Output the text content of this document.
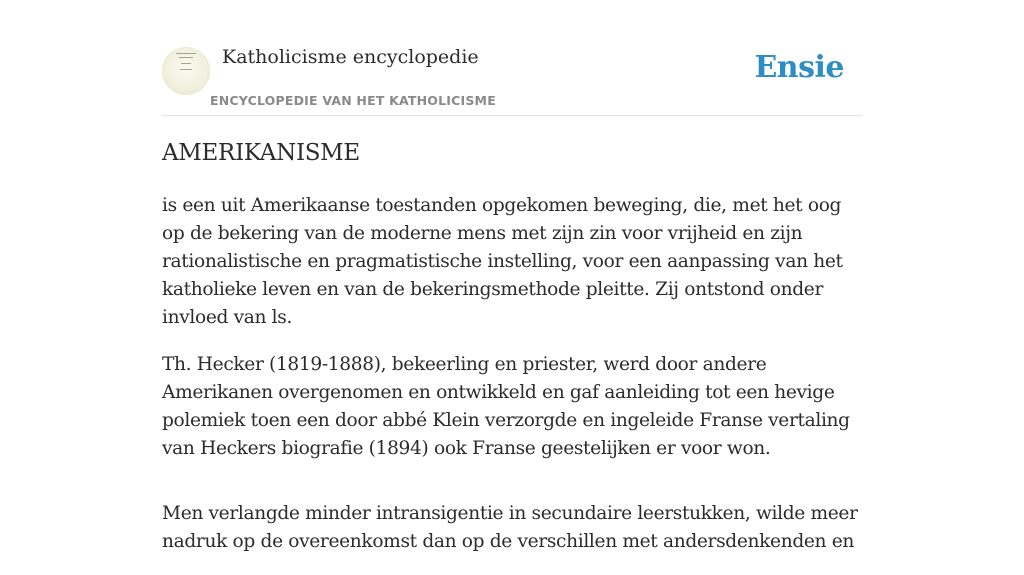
Katholicisme encyclopedie
ENCYCLOPEDIE VAN HET KATHOLICISME
Ensie
AMERIKANISME

is een uit Amerikaanse toestanden opgekomen beweging, die, met het oog op de bekering van de moderne mens met zijn zin voor vrijheid en zijn rationalistische en pragmatistische instelling, voor een aanpassing van het katholieke leven en van de bekeringsmethode pleitte. Zij ontstond onder invloed van ls.

Th. Hecker (1819-1888), bekeerling en priester, werd door andere Amerikanen overgenomen en ontwikkeld en gaf aanleiding tot een hevige polemiek toen een door abbé Klein verzorgde en ingeleide Franse vertaling van Heckers biografie (1894) ook Franse geestelijken er voor won.

Men verlangde minder intransigentie in secundaire leerstukken, wilde meer nadruk op de overeenkomst dan op de verschillen met andersdenkenden en
